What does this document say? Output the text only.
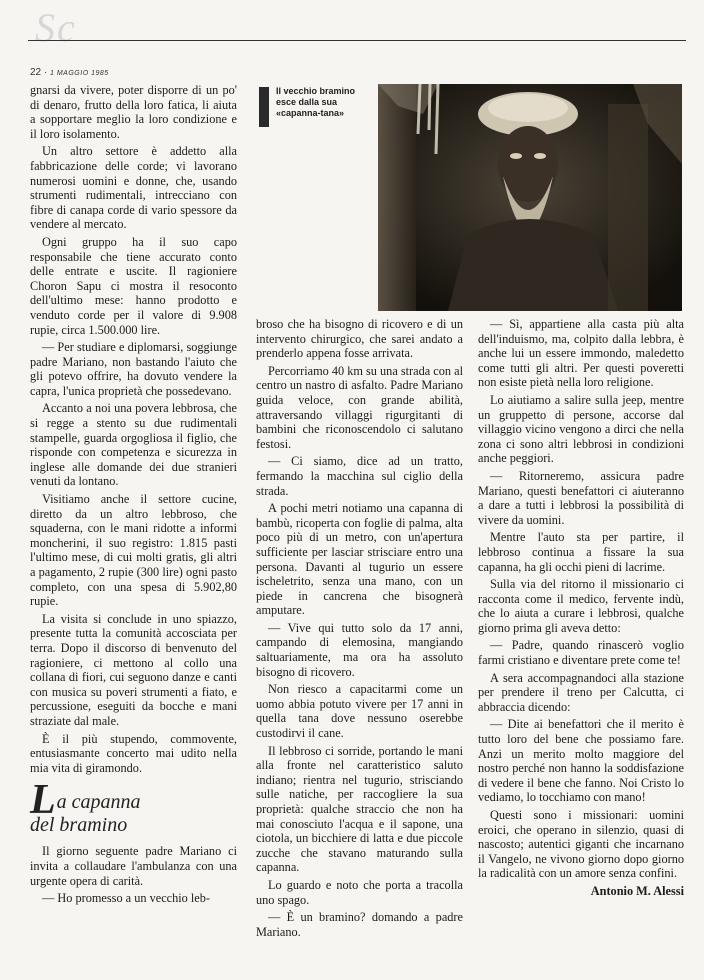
Sc
22 · 1 MAGGIO 1985
Il vecchio bramino esce dalla sua «capanna-tana»

gnarsi da vivere, poter disporre di un po' di denaro, frutto della loro fatica, li aiuta a sopportare meglio la loro condizione e il loro isolamento.

Un altro settore è addetto alla fabbricazione delle corde; vi lavorano numerosi uomini e donne, che, usando strumenti rudimentali, intrecciano con fibre di canapa corde di vario spessore da vendere al mercato.

Ogni gruppo ha il suo capo responsabile che tiene accurato conto delle entrate e uscite. Il ragioniere Choron Sapu ci mostra il resoconto dell'ultimo mese: hanno prodotto e venduto corde per il valore di 9.908 rupie, circa 1.500.000 lire.

— Per studiare e diplomarsi, soggiunge padre Mariano, non bastando l'aiuto che gli potevo offrire, ha dovuto vendere la capra, l'unica proprietà che possedevano.

Accanto a noi una povera lebbrosa, che si regge a stento su due rudimentali stampelle, guarda orgogliosa il figlio, che risponde con competenza e sicurezza in inglese alle domande dei due stranieri venuti da lontano.

Visitiamo anche il settore cucine, diretto da un altro lebbroso, che squaderna, con le mani ridotte a informi moncherini, il suo registro: 1.815 pasti l'ultimo mese, di cui molti gratis, gli altri a pagamento, 2 rupie (300 lire) ogni pasto completo, con una spesa di 5.902,80 rupie.

La visita si conclude in uno spiazzo, presente tutta la comunità accosciata per terra. Dopo il discorso di benvenuto del ragioniere, ci mettono al collo una collana di fiori, cui seguono danze e canti con musica su poveri strumenti a fiato, e percussione, eseguiti da bocche e mani straziate dal male.

È il più stupendo, commovente, entusiasmante concerto mai udito nella mia vita di giramondo.

La capanna
del bramino

Il giorno seguente padre Mariano ci invita a collaudare l'ambulanza con una urgente opera di carità.

— Ho promesso a un vecchio leb-

broso che ha bisogno di ricovero e di un intervento chirurgico, che sarei andato a prenderlo appena fosse arrivata.

Percorriamo 40 km su una strada con al centro un nastro di asfalto. Padre Mariano guida veloce, con grande abilità, attraversando villaggi rigurgitanti di bambini che riconoscendolo ci salutano festosi.

— Ci siamo, dice ad un tratto, fermando la macchina sul ciglio della strada.

A pochi metri notiamo una capanna di bambù, ricoperta con foglie di palma, alta poco più di un metro, con un'apertura sufficiente per lasciar strisciare entro una persona. Davanti al tugurio un essere ischeletrito, senza una mano, con un piede in cancrena che bisognerà amputare.

— Vive qui tutto solo da 17 anni, campando di elemosina, mangiando saltuariamente, ma ora ha assoluto bisogno di ricovero.

Non riesco a capacitarmi come un uomo abbia potuto vivere per 17 anni in quella tana dove nessuno oserebbe custodirvi il cane.

Il lebbroso ci sorride, portando le mani alla fronte nel caratteristico saluto indiano; rientra nel tugurio, strisciando sulle natiche, per raccogliere la sua proprietà: qualche straccio che non ha mai conosciuto l'acqua e il sapone, una ciotola, un bicchiere di latta e due piccole zucche che stavano maturando sulla capanna.

Lo guardo e noto che porta a tracolla uno spago.

— È un bramino? domando a padre Mariano.

— Sì, appartiene alla casta più alta dell'induismo, ma, colpito dalla lebbra, è anche lui un essere immondo, maledetto come tutti gli altri. Per questi poveretti non esiste pietà nella loro religione.

Lo aiutiamo a salire sulla jeep, mentre un gruppetto di persone, accorse dal villaggio vicino vengono a dirci che nella zona ci sono altri lebbrosi in condizioni anche peggiori.

— Ritorneremo, assicura padre Mariano, questi benefattori ci aiuteranno a dare a tutti i lebbrosi la possibilità di vivere da uomini.

Mentre l'auto sta per partire, il lebbroso continua a fissare la sua capanna, ha gli occhi pieni di lacrime.

Sulla via del ritorno il missionario ci racconta come il medico, fervente indù, che lo aiuta a curare i lebbrosi, qualche giorno prima gli aveva detto:

— Padre, quando rinascerò voglio farmi cristiano e diventare prete come te!

A sera accompagnandoci alla stazione per prendere il treno per Calcutta, ci abbraccia dicendo:

— Dite ai benefattori che il merito è tutto loro del bene che possiamo fare. Anzi un merito molto maggiore del nostro perché non hanno la soddisfazione di vedere il bene che fanno. Noi Cristo lo vediamo, lo tocchiamo con mano!

Questi sono i missionari: uomini eroici, che operano in silenzio, quasi di nascosto; autentici giganti che incarnano il Vangelo, ne vivono giorno dopo giorno la radicalità con un amore senza confini.

Antonio M. Alessi
